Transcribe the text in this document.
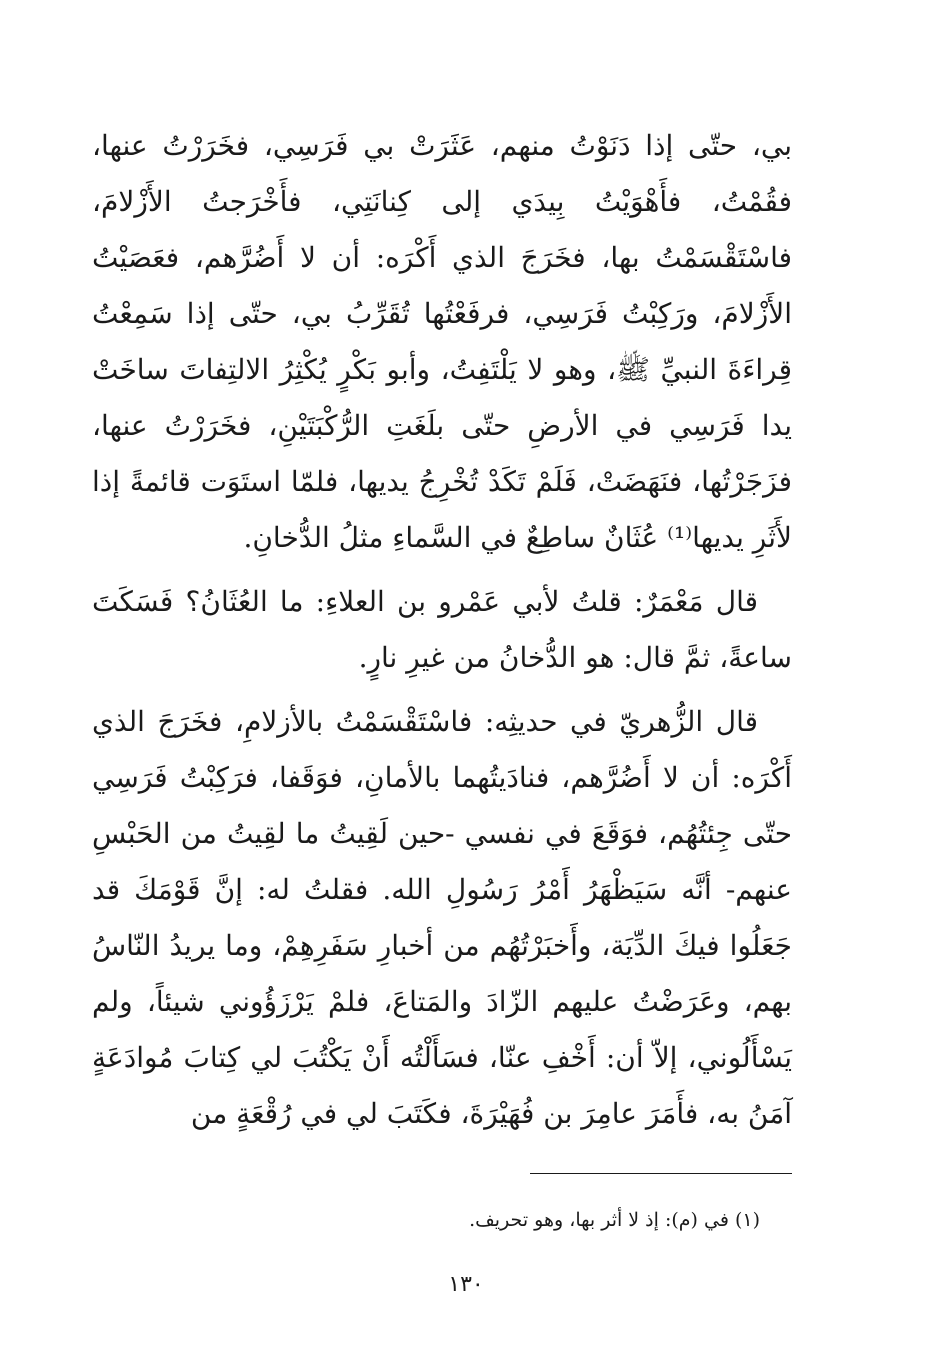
بي، حتّى إذا دَنَوْتُ منهم، عَثَرَتْ بي فَرَسِي، فخَرَرْتُ عنها، فقُمْتُ، فأَهْوَيْتُ بِيدَي إلى كِنانَتِي، فأَخْرَجتُ الأَزْلامَ، فاسْتَقْسَمْتُ بها، فخَرَجَ الذي أَكْرَه: أن لا أَضُرَّهم، فعَصَيْتُ الأَزْلامَ، ورَكِبْتُ فَرَسِي، فرفَعْتُها تُقَرِّبُ بي، حتّى إذا سَمِعْتُ قِراءَةَ النبيِّ ﷺ، وهو لا يَلْتَفِتُ، وأبو بَكْرٍ يُكْثِرُ الالتِفاتَ ساخَتْ يدا فَرَسِي في الأرضِ حتّى بلَغَتِ الرُّكْبَتَيْنِ، فخَرَرْتُ عنها، فزَجَرْتُها، فنَهَضَتْ، فَلَمْ تَكَدْ تُخْرِجُ يديها، فلمّا استَوَت قائمةً إذا لأَثَرِ يديها⁽¹⁾ عُثَانٌ ساطِعٌ في السَّماءِ مثلُ الدُّخانِ.

قال مَعْمَرٌ: قلتُ لأبي عَمْرو بن العلاءِ: ما العُثَانُ؟ فَسَكَتَ ساعةً، ثمَّ قال: هو الدُّخانُ من غيرِ نارٍ.

قال الزُّهريّ في حديثِه: فاسْتَقْسَمْتُ بالأزلامِ، فخَرَجَ الذي أَكْرَه: أن لا أَضُرَّهم، فنادَيتُهما بالأمانِ، فوَقَفا، فرَكِبْتُ فَرَسِي حتّى جِئتُهُم، فوَقَعَ في نفسي -حين لَقِيتُ ما لقِيتُ من الحَبْسِ عنهم- أنَّه سَيَظْهَرُ أَمْرُ رَسُولِ الله. فقلتُ له: إنَّ قَوْمَكَ قد جَعَلُوا فيكَ الدِّيَة، وأَخبَرْتُهُم من أخبارِ سَفَرِهِمْ، وما يريدُ النّاسُ بهم، وعَرَضْتُ عليهم الزّادَ والمَتاعَ، فلمْ يَرْزَؤُوني شيئاً، ولم يَسْأَلُوني، إلاّ أن: أَخْفِ عنّا، فسَأَلْتُه أَنْ يَكْتُبَ لي كِتابَ مُوادَعَةٍ آمَنُ به، فأَمَرَ عامِرَ بن فُهَيْرَةَ، فكَتَبَ لي في رُقْعَةٍ من

(١) في (م): إذ لا أثر بها، وهو تحريف.
١٣٠
